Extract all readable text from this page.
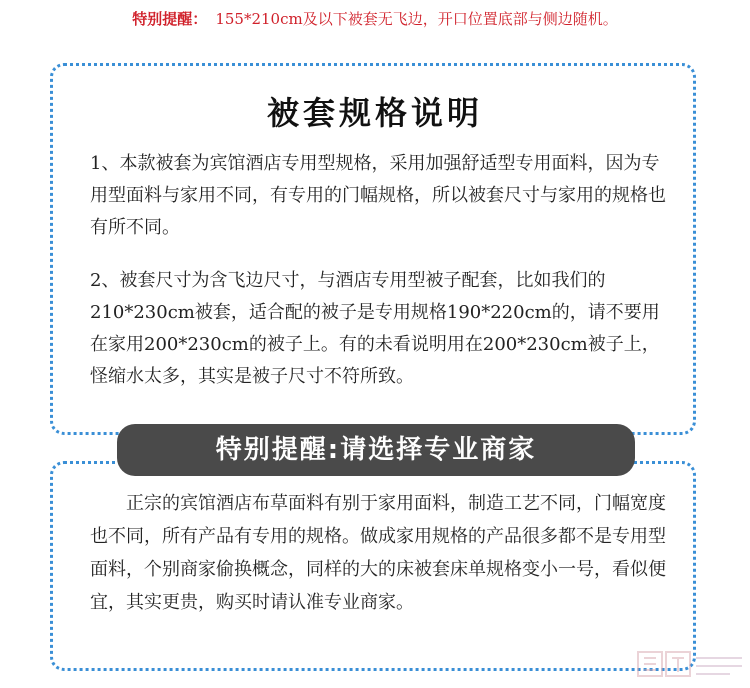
特别提醒： 155*210cm及以下被套无飞边，开口位置底部与侧边随机。
被套规格说明
1、本款被套为宾馆酒店专用型规格，采用加强舒适型专用面料，因为专用型面料与家用不同，有专用的门幅规格，所以被套尺寸与家用的规格也有所不同。
2、被套尺寸为含飞边尺寸，与酒店专用型被子配套，比如我们的210*230cm被套，适合配的被子是专用规格190*220cm的，请不要用在家用200*230cm的被子上。有的未看说明用在200*230cm被子上，怪缩水太多，其实是被子尺寸不符所致。
特别提醒:请选择专业商家
正宗的宾馆酒店布草面料有别于家用面料，制造工艺不同，门幅宽度也不同，所有产品有专用的规格。做成家用规格的产品很多都不是专用型面料，个别商家偷换概念，同样的大的床被套床单规格变小一号，看似便宜，其实更贵，购买时请认准专业商家。
